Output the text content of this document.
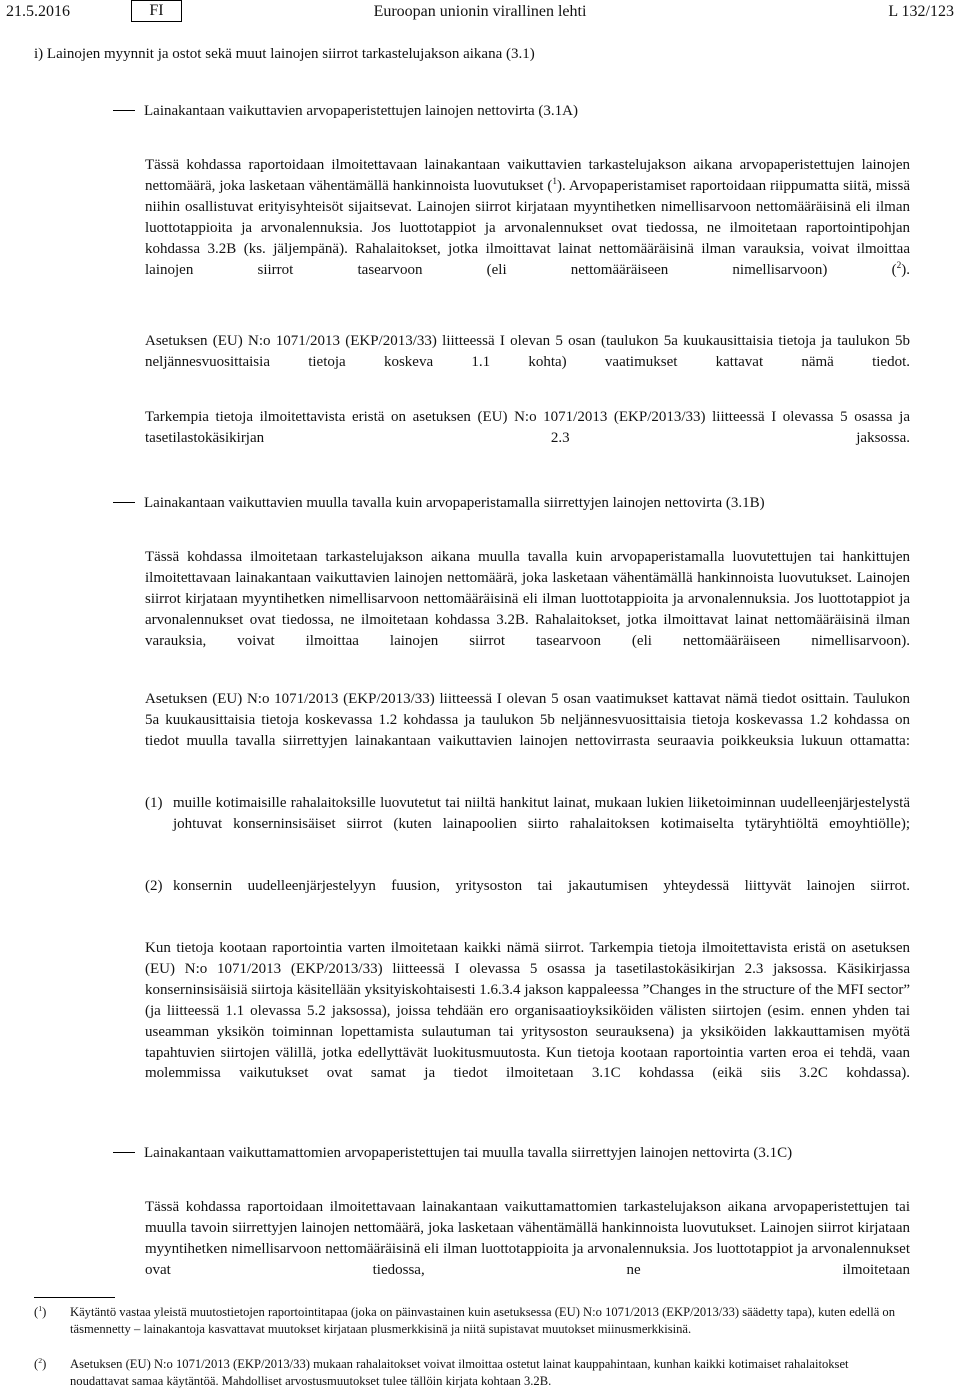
21.5.2016	FI	Euroopan unionin virallinen lehti	L 132/123
i) Lainojen myynnit ja ostot sekä muut lainojen siirrot tarkastelujakson aikana (3.1)
Lainakantaan vaikuttavien arvopaperistettujen lainojen nettovirta (3.1A)
Tässä kohdassa raportoidaan ilmoitettavaan lainakantaan vaikuttavien tarkastelujakson aikana arvopaperistettujen lainojen nettomäärä, joka lasketaan vähentämällä hankinnoista luovutukset ($^1$). Arvopaperistamiset raportoidaan riippumatta siitä, missä niihin osallistuvat erityisyhteisöt sijaitsevat. Lainojen siirrot kirjataan myyntihetken nimellisarvoon nettomääräisinä eli ilman luottotappioita ja arvonalennuksia. Jos luottotappiot ja arvonalennukset ovat tiedossa, ne ilmoitetaan raportointipohjan kohdassa 3.2B (ks. jäljempänä). Rahalaitokset, jotka ilmoittavat lainat nettomääräisinä ilman varauksia, voivat ilmoittaa lainojen siirrot tasearvoon (eli nettomääräiseen nimellisarvoon) ($^2$).
Asetuksen (EU) N:o 1071/2013 (EKP/2013/33) liitteessä I olevan 5 osan (taulukon 5a kuukausittaisia tietoja ja taulukon 5b neljännesvuosittaisia tietoja koskeva 1.1 kohta) vaatimukset kattavat nämä tiedot.
Tarkempia tietoja ilmoitettavista eristä on asetuksen (EU) N:o 1071/2013 (EKP/2013/33) liitteessä I olevassa 5 osassa ja tasetilastokäsikirjan 2.3 jaksossa.
Lainakantaan vaikuttavien muulla tavalla kuin arvopaperistamalla siirrettyjen lainojen nettovirta (3.1B)
Tässä kohdassa ilmoitetaan tarkastelujakson aikana muulla tavalla kuin arvopaperistamalla luovutettujen tai hankittujen ilmoitettavaan lainakantaan vaikuttavien lainojen nettomäärä, joka lasketaan vähentämällä hankinnoista luovutukset. Lainojen siirrot kirjataan myyntihetken nimellisarvoon nettomääräisinä eli ilman luottotappioita ja arvonalennuksia. Jos luottotappiot ja arvonalennukset ovat tiedossa, ne ilmoitetaan kohdassa 3.2B. Rahalaitokset, jotka ilmoittavat lainat nettomääräisinä ilman varauksia, voivat ilmoittaa lainojen siirrot tasearvoon (eli nettomääräiseen nimellisarvoon).
Asetuksen (EU) N:o 1071/2013 (EKP/2013/33) liitteessä I olevan 5 osan vaatimukset kattavat nämä tiedot osittain. Taulukon 5a kuukausittaisia tietoja koskevassa 1.2 kohdassa ja taulukon 5b neljännesvuosittaisia tietoja koskevassa 1.2 kohdassa on tiedot muulla tavalla siirrettyjen lainakantaan vaikuttavien lainojen nettovirrasta seuraavia poikkeuksia lukuun ottamatta:
(1) muille kotimaisille rahalaitoksille luovutetut tai niiltä hankitut lainat, mukaan lukien liiketoiminnan uudelleenjärjestelystä johtuvat konserninsisäiset siirrot (kuten lainapoolien siirto rahalaitoksen kotimaiselta tytäryhtiöltä emoyhtiölle);
(2) konsernin uudelleenjärjestelyyn fuusion, yritysoston tai jakautumisen yhteydessä liittyvät lainojen siirrot.
Kun tietoja kootaan raportointia varten ilmoitetaan kaikki nämä siirrot. Tarkempia tietoja ilmoitettavista eristä on asetuksen (EU) N:o 1071/2013 (EKP/2013/33) liitteessä I olevassa 5 osassa ja tasetilastokäsikirjan 2.3 jaksossa. Käsikirjassa konserninsisäisiä siirtoja käsitellään yksityiskohtaisesti 1.6.3.4 jakson kappaleessa ”Changes in the structure of the MFI sector” (ja liitteessä 1.1 olevassa 5.2 jaksossa), joissa tehdään ero organisaatioyksiköiden välisten siirtojen (esim. ennen yhden tai useamman yksikön toiminnan lopettamista sulautuman tai yritysoston seurauksena) ja yksiköiden lakkauttamisen myötä tapahtuvien siirtojen välillä, jotka edellyttävät luokitusmuutosta. Kun tietoja kootaan raportointia varten eroa ei tehdä, vaan molemmissa vaikutukset ovat samat ja tiedot ilmoitetaan 3.1C kohdassa (eikä siis 3.2C kohdassa).
Lainakantaan vaikuttamattomien arvopaperistettujen tai muulla tavalla siirrettyjen lainojen nettovirta (3.1C)
Tässä kohdassa raportoidaan ilmoitettavaan lainakantaan vaikuttamattomien tarkastelujakson aikana arvopaperistettujen tai muulla tavoin siirrettyjen lainojen nettomäärä, joka lasketaan vähentämällä hankinnoista luovutukset. Lainojen siirrot kirjataan myyntihetken nimellisarvoon nettomääräisinä eli ilman luottotappioita ja arvonalennuksia. Jos luottotappiot ja arvonalennukset ovat tiedossa, ne ilmoitetaan
($^1$) Käytäntö vastaa yleistä muutostietojen raportointitapaa (joka on päinvastainen kuin asetuksessa (EU) N:o 1071/2013 (EKP/2013/33) säädetty tapa), kuten edellä on täsmennetty – lainakantoja kasvattavat muutokset kirjataan plusmerkkisinä ja niitä supistavat muutokset miinusmerkkisinä.
($^2$) Asetuksen (EU) N:o 1071/2013 (EKP/2013/33) mukaan rahalaitokset voivat ilmoittaa ostetut lainat kauppahintaan, kunhan kaikki kotimaiset rahalaitokset noudattavat samaa käytäntöä. Mahdolliset arvostusmuutokset tulee tällöin kirjata kohtaan 3.2B.
